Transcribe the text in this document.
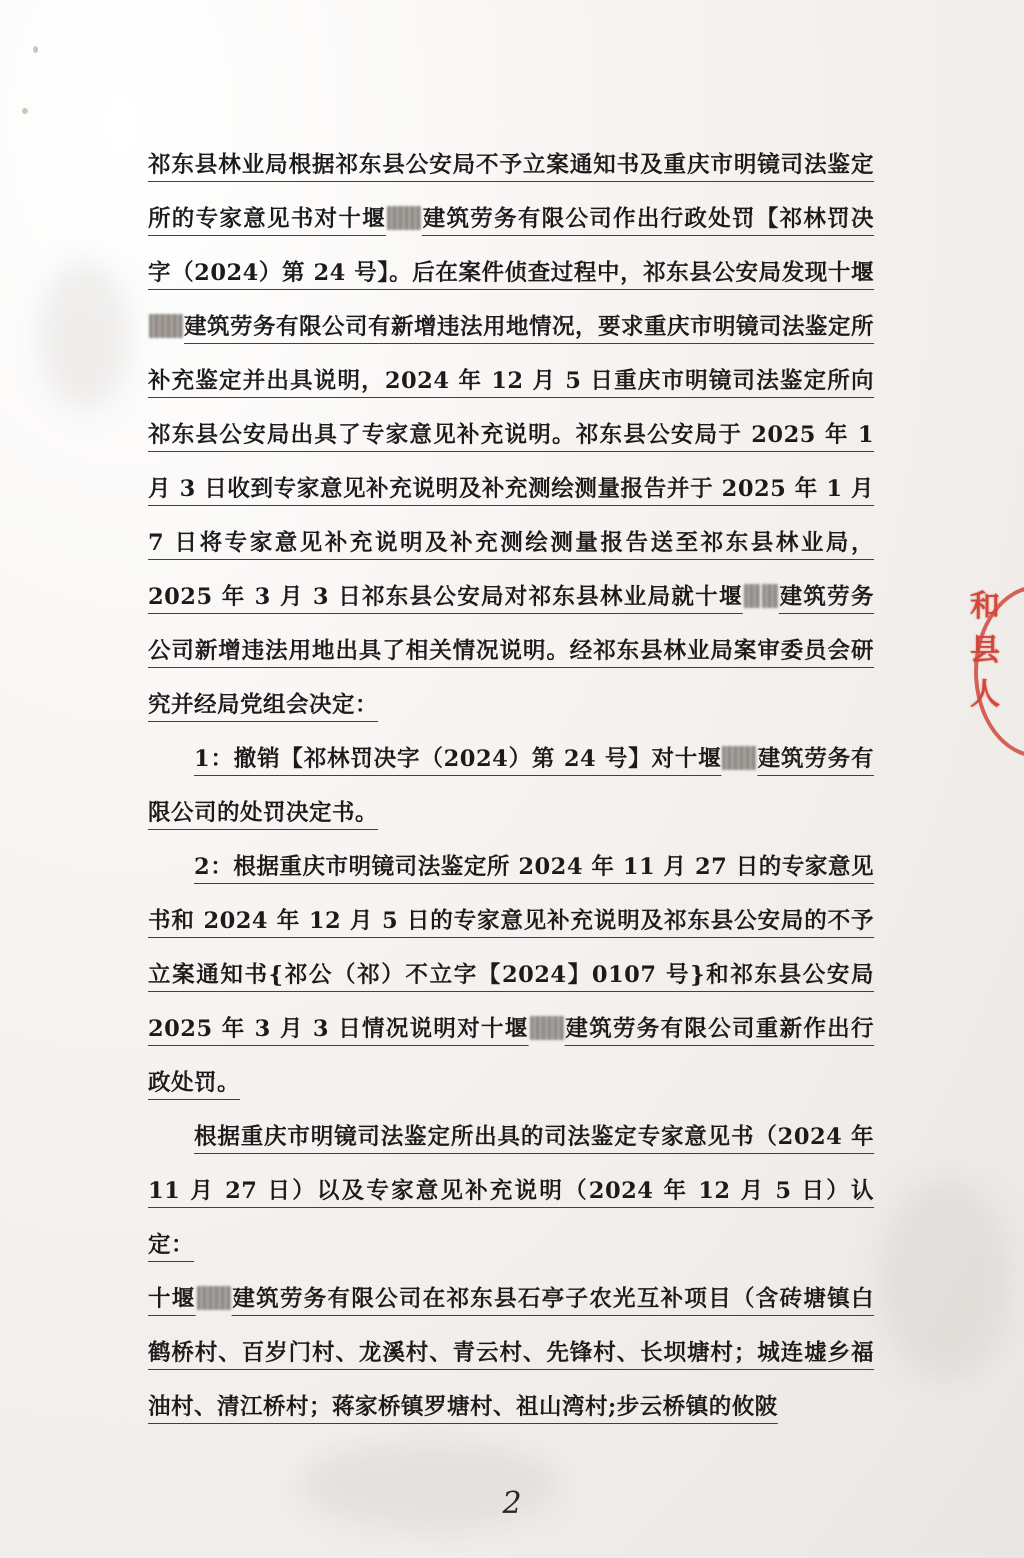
祁东县林业局根据祁东县公安局不予立案通知书及重庆市明镜司法鉴定所的专家意见书对十堰 建筑劳务有限公司作出行政处罚【祁林罚决字（2024）第 24 号】。后在案件侦查过程中，祁东县公安局发现十堰建筑劳务有限公司有新增违法用地情况，要求重庆市明镜司法鉴定所补充鉴定并出具说明，2024 年 12 月 5 日重庆市明镜司法鉴定所向祁东县公安局出具了专家意见补充说明。祁东县公安局于 2025 年 1 月 3 日收到专家意见补充说明及补充测绘测量报告并于 2025 年 1 月 7 日将专家意见补充说明及补充测绘测量报告送至祁东县林业局，2025 年 3 月 3 日祁东县公安局对祁东县林业局就十堰 建筑劳务公司新增违法用地出具了相关情况说明。经祁东县林业局案审委员会研究并经局党组会决定：

1：撤销【祁林罚决字（2024）第 24 号】对十堰 建筑劳务有限公司的处罚决定书。

2：根据重庆市明镜司法鉴定所 2024 年 11 月 27 日的专家意见书和 2024 年 12 月 5 日的专家意见补充说明及祁东县公安局的不予立案通知书{祁公（祁）不立字【2024】0107 号}和祁东县公安局 2025 年 3 月 3 日情况说明对十堰 建筑劳务有限公司重新作出行政处罚。

根据重庆市明镜司法鉴定所出具的司法鉴定专家意见书（2024 年 11 月 27 日）以及专家意见补充说明（2024 年 12 月 5 日）认定：

十堰 建筑劳务有限公司在祁东县石亭子农光互补项目（含砖塘镇白鹤桥村、百岁门村、龙溪村、青云村、先锋村、长坝塘村；城连墟乡福油村、清江桥村；蒋家桥镇罗塘村、祖山湾村;步云桥镇的攸陂

和
县
人
2
